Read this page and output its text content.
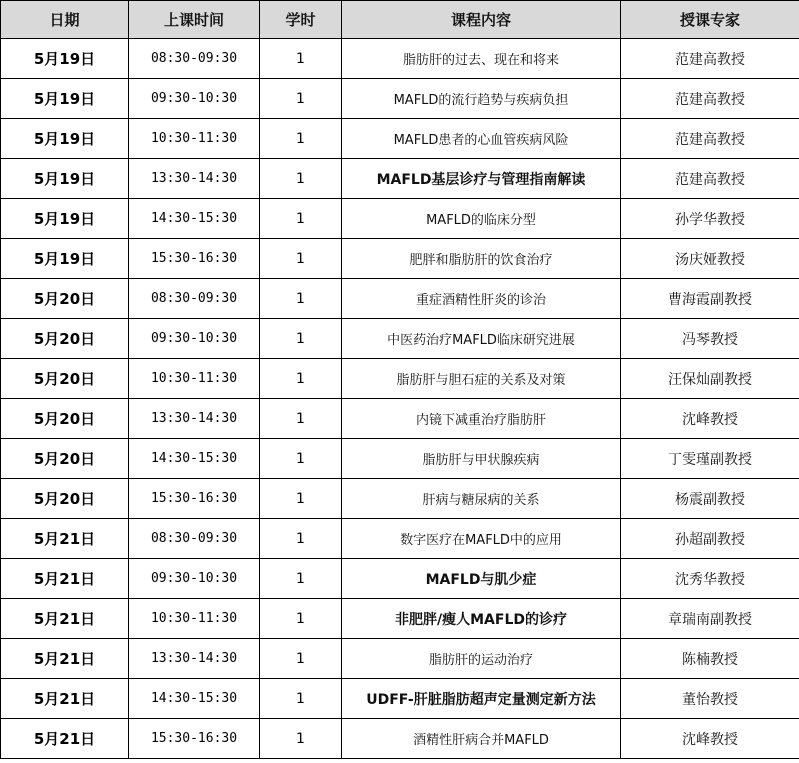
日期	上课时间	学时	课程内容	授课专家
5月19日	08:30-09:30	1	脂肪肝的过去、现在和将来	范建高教授
5月19日	09:30-10:30	1	MAFLD的流行趋势与疾病负担	范建高教授
5月19日	10:30-11:30	1	MAFLD患者的心血管疾病风险	范建高教授
5月19日	13:30-14:30	1	MAFLD基层诊疗与管理指南解读	范建高教授
5月19日	14:30-15:30	1	MAFLD的临床分型	孙学华教授
5月19日	15:30-16:30	1	肥胖和脂肪肝的饮食治疗	汤庆娅教授
5月20日	08:30-09:30	1	重症酒精性肝炎的诊治	曹海霞副教授
5月20日	09:30-10:30	1	中医药治疗MAFLD临床研究进展	冯琴教授
5月20日	10:30-11:30	1	脂肪肝与胆石症的关系及对策	汪保灿副教授
5月20日	13:30-14:30	1	内镜下减重治疗脂肪肝	沈峰教授
5月20日	14:30-15:30	1	脂肪肝与甲状腺疾病	丁雯瑾副教授
5月20日	15:30-16:30	1	肝病与糖尿病的关系	杨震副教授
5月21日	08:30-09:30	1	数字医疗在MAFLD中的应用	孙超副教授
5月21日	09:30-10:30	1	MAFLD与肌少症	沈秀华教授
5月21日	10:30-11:30	1	非肥胖/瘦人MAFLD的诊疗	章瑞南副教授
5月21日	13:30-14:30	1	脂肪肝的运动治疗	陈楠教授
5月21日	14:30-15:30	1	UDFF-肝脏脂肪超声定量测定新方法	董怡教授
5月21日	15:30-16:30	1	酒精性肝病合并MAFLD	沈峰教授
